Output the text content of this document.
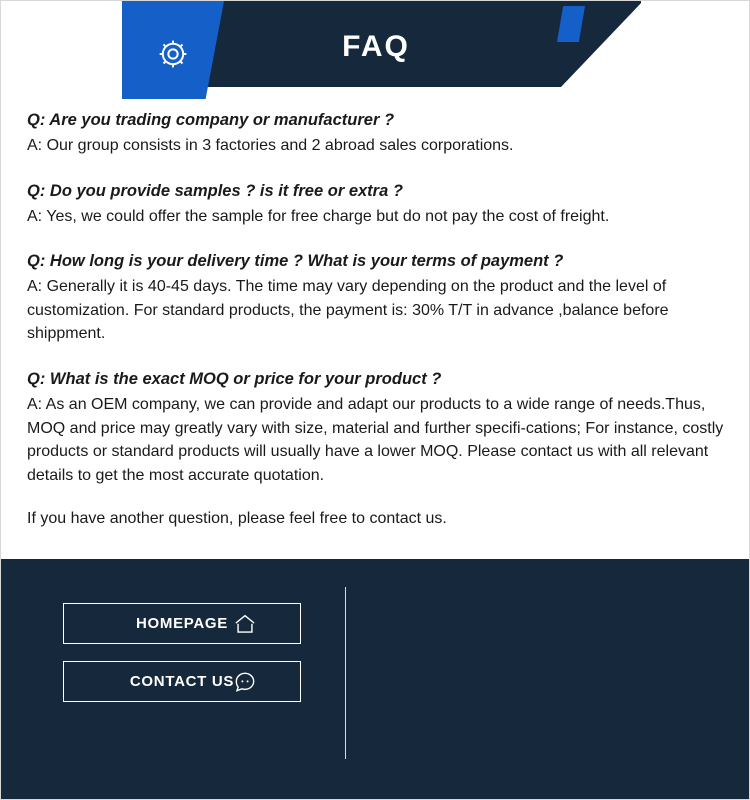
FAQ

Q: Are you trading company or manufacturer ?

A: Our group consists in 3 factories and 2 abroad sales corporations.

Q: Do you provide samples ? is it free or extra ?

A: Yes, we could offer the sample for free charge but do not pay the cost of freight.

Q: How long is your delivery time ? What is your terms of payment ?

A: Generally it is 40-45 days. The time may vary depending on the product and the level of customization. For standard products, the payment is: 30% T/T in advance ,balance before shippment.

Q: What is the exact MOQ or price for your product ?

A: As an OEM company, we can provide and adapt our products to a wide range of needs.Thus, MOQ and price may greatly vary with size, material and further specifi-cations; For instance, costly products or standard products will usually have a lower MOQ. Please contact us with all relevant details to get the most accurate quotation.

If you have another question, please feel free to contact us.
HOMEPAGE
CONTACT US
